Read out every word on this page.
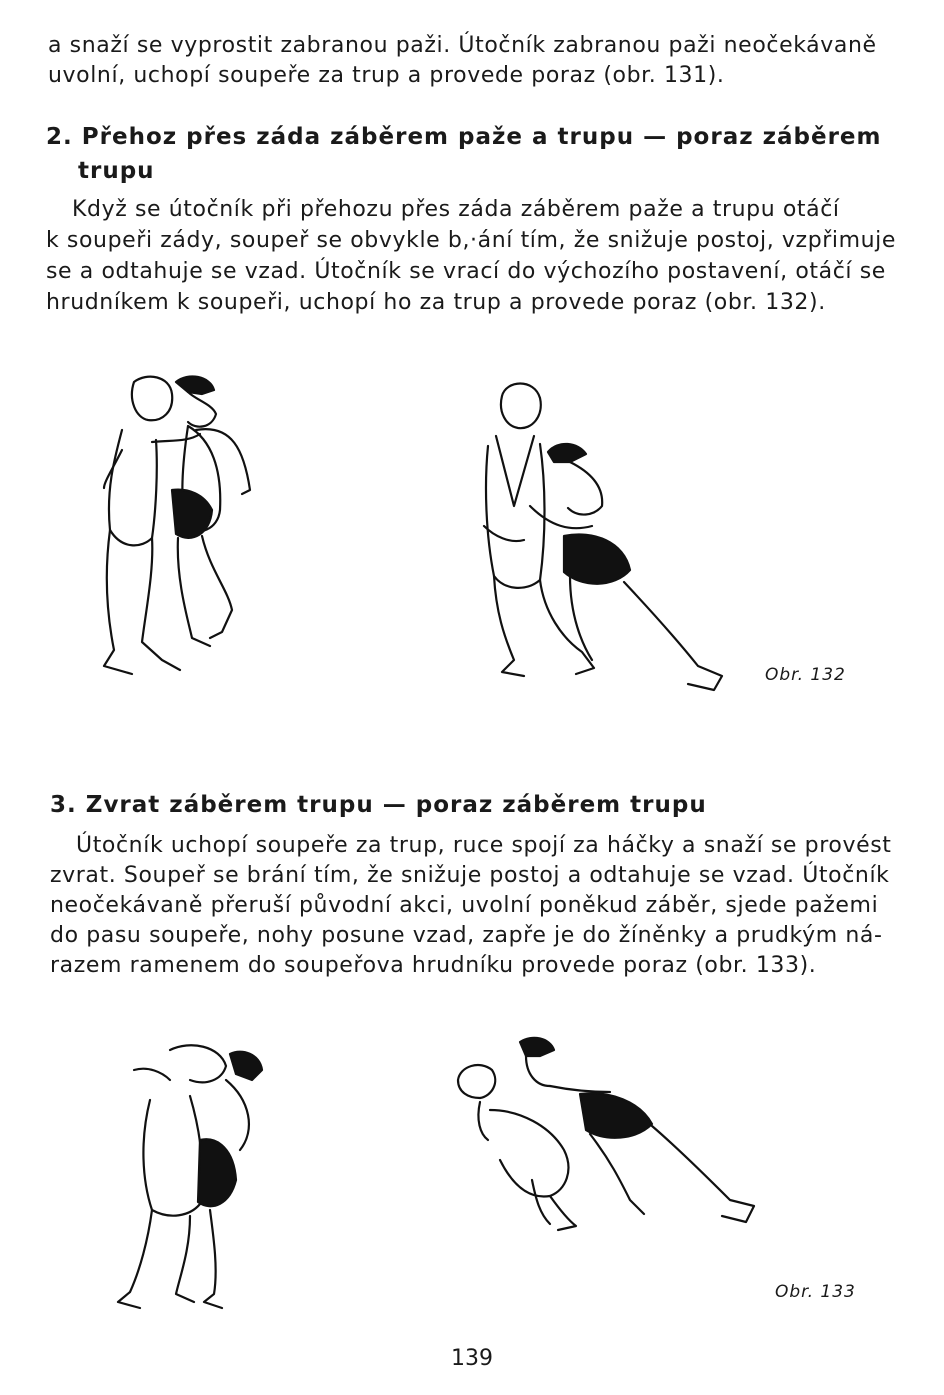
a snaží se vyprostit zabranou paži. Útočník zabranou paži neočekávaně
uvolní, uchopí soupeře za trup a provede poraz (obr. 131).
2. Přehoz přes záda záběrem paže a trupu — poraz záběrem
trupu
Když se útočník při přehozu přes záda záběrem paže a trupu otáčí
k soupeři zády, soupeř se obvykle b,·ání tím, že snižuje postoj, vzpřimuje
se a odtahuje se vzad. Útočník se vrací do výchozího postavení, otáčí se
hrudníkem k soupeři, uchopí ho za trup a provede poraz (obr. 132).
Obr. 132
3. Zvrat záběrem trupu — poraz záběrem trupu
Útočník uchopí soupeře za trup, ruce spojí za háčky a snaží se provést
zvrat. Soupeř se brání tím, že snižuje postoj a odtahuje se vzad. Útočník
neočekávaně přeruší původní akci, uvolní poněkud záběr, sjede pažemi
do pasu soupeře, nohy posune vzad, zapře je do žíněnky a prudkým ná-
razem ramenem do soupeřova hrudníku provede poraz (obr. 133).
Obr. 133
139
